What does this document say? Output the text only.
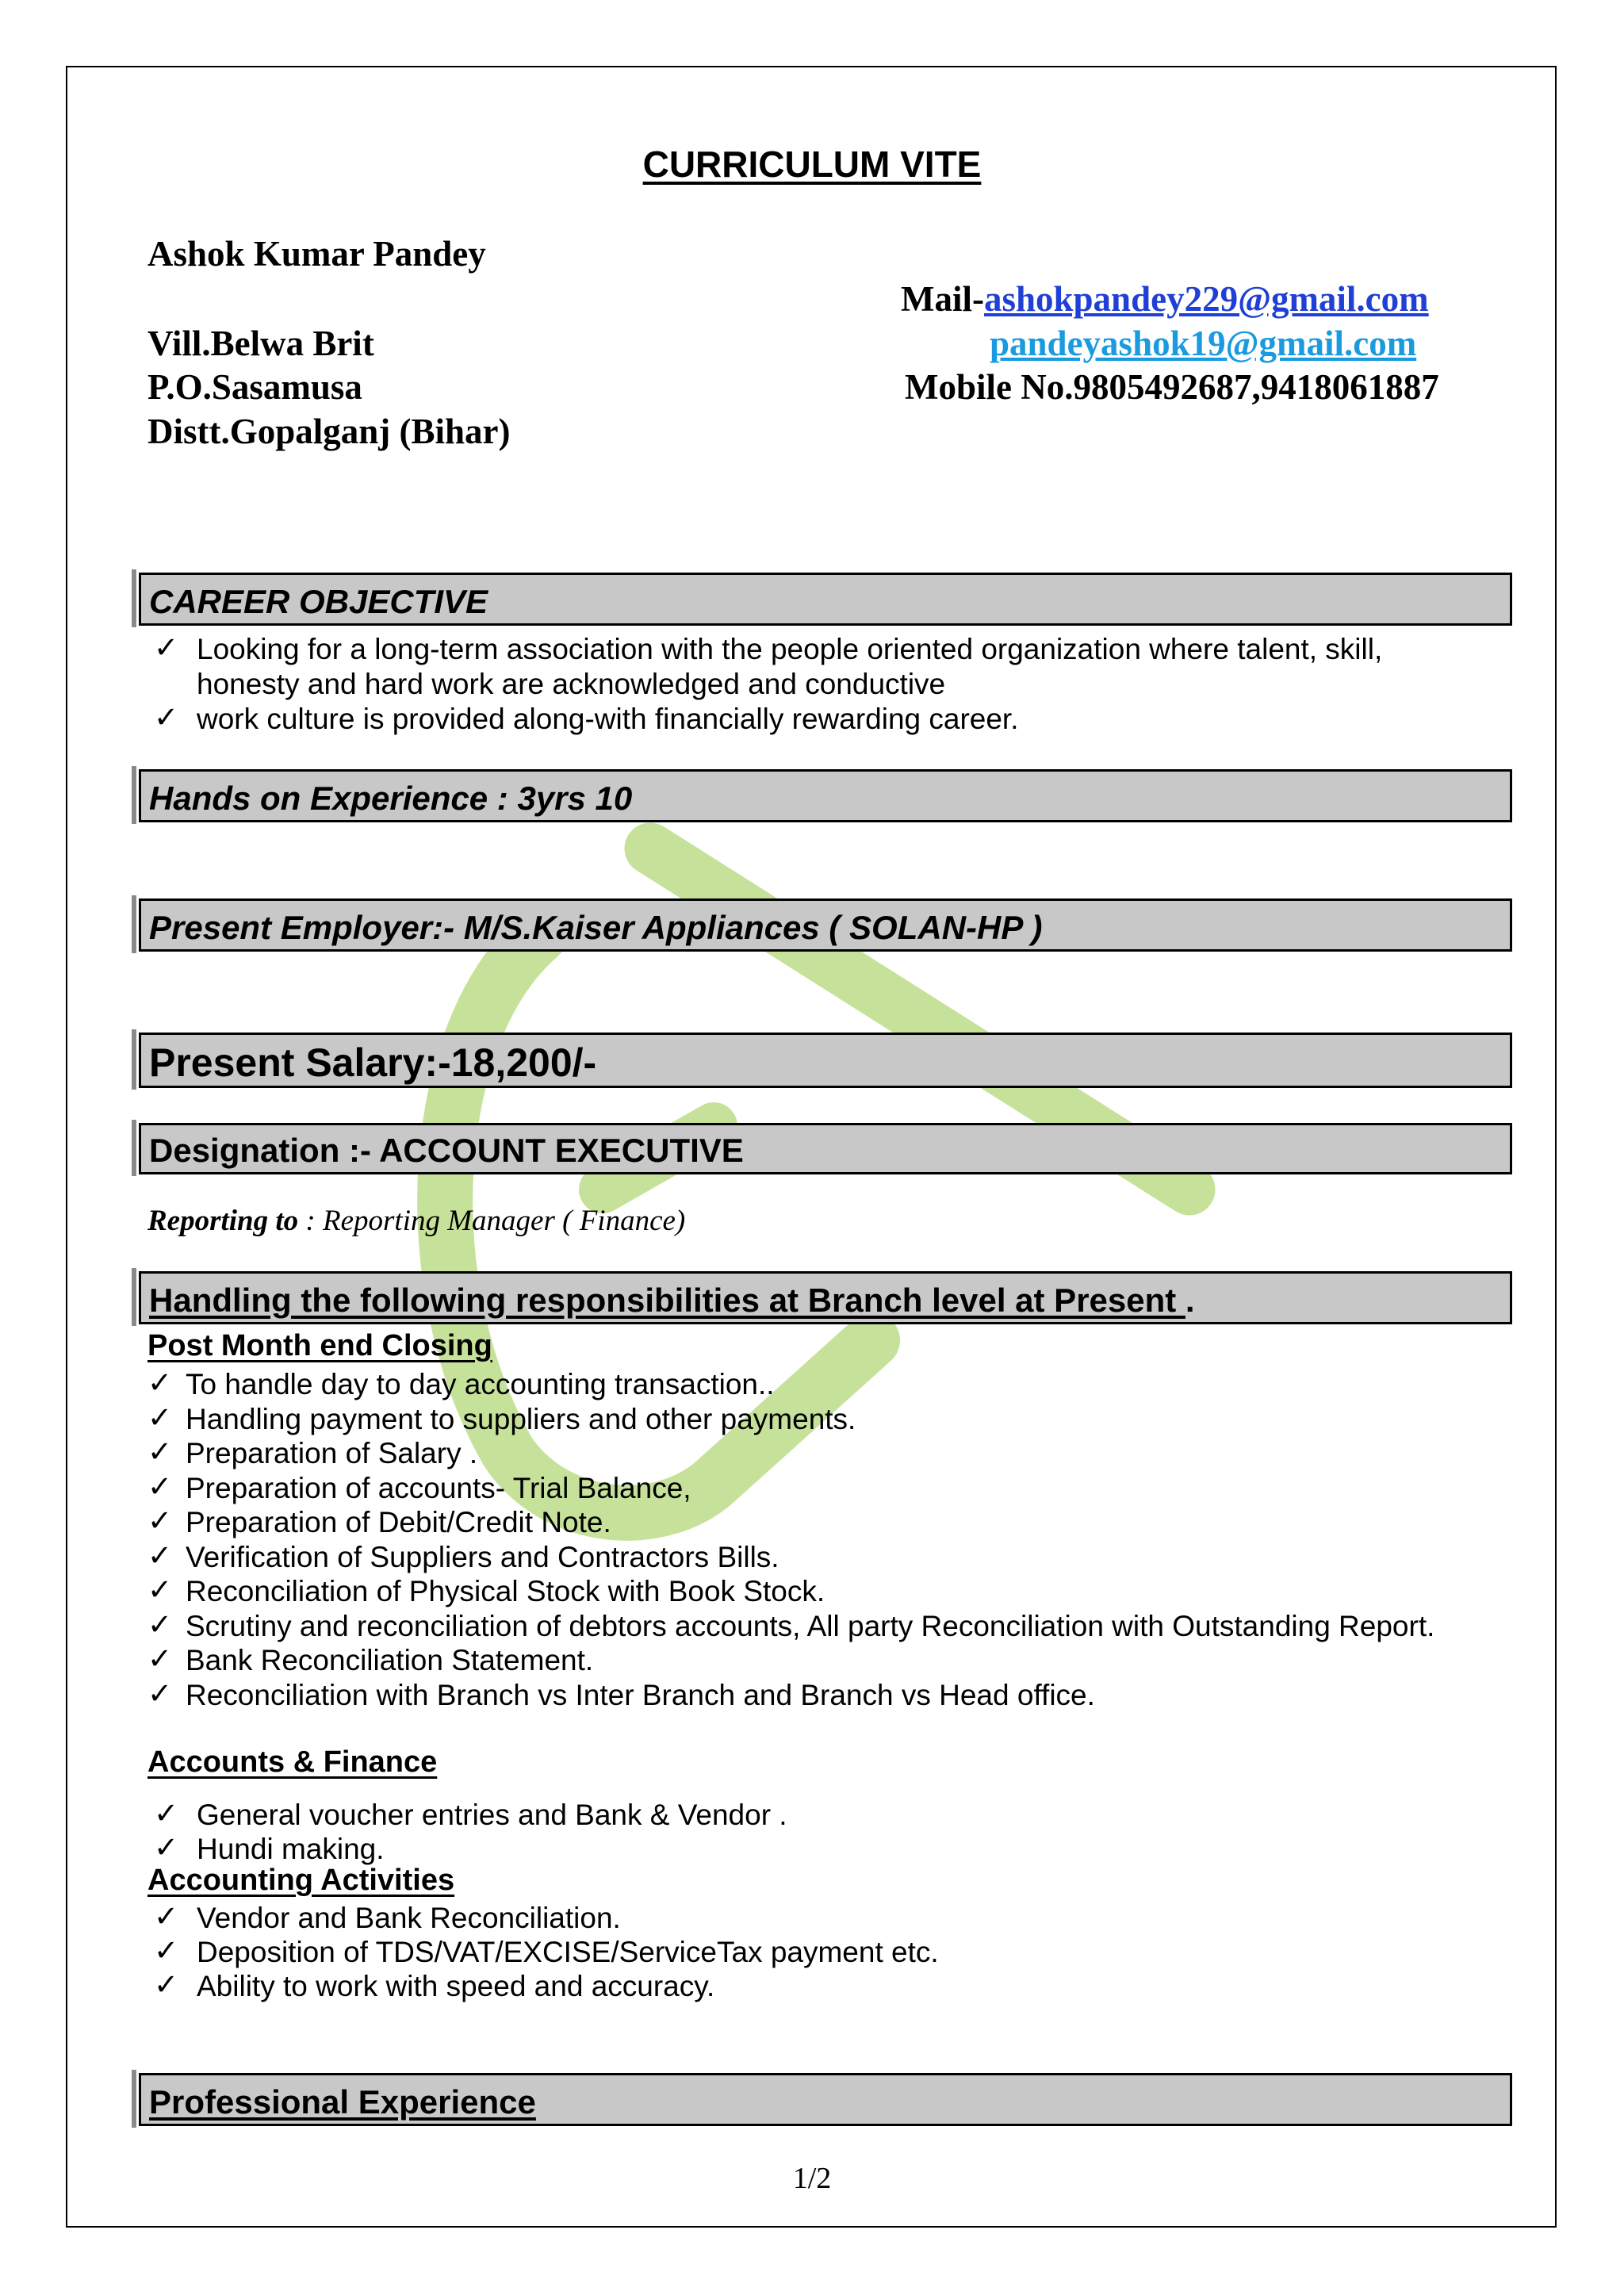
CURRICULUM VITE
Ashok Kumar Pandey
Vill.Belwa Brit
P.O.Sasamusa
Distt.Gopalganj (Bihar)
Mail-ashokpandey229@gmail.com
pandeyashok19@gmail.com
Mobile No.9805492687,9418061887
CAREER OBJECTIVE
✓ Looking for a long-term association with the people oriented organization where talent, skill,
honesty and hard work are acknowledged and conductive
✓ work culture is provided along-with financially rewarding career.
Hands on Experience : 3yrs 10
Present Employer:- M/S.Kaiser Appliances ( SOLAN-HP )
Present Salary:-18,200/-
Designation :- ACCOUNT EXECUTIVE
Reporting to : Reporting Manager ( Finance)
Handling the following responsibilities at Branch level at Present .
Post Month end Closing
✓ To handle day to day accounting transaction..
✓ Handling payment to suppliers and other payments.
✓ Preparation of Salary .
✓ Preparation of accounts- Trial Balance,
✓ Preparation of Debit/Credit Note.
✓ Verification of Suppliers and Contractors Bills.
✓ Reconciliation of Physical Stock with Book Stock.
✓ Scrutiny and reconciliation of debtors accounts, All party Reconciliation with Outstanding Report.
✓ Bank Reconciliation Statement.
✓ Reconciliation with Branch vs Inter Branch and Branch vs Head office.
Accounts & Finance
✓ General voucher entries and Bank & Vendor .
✓ Hundi making.
Accounting Activities
✓ Vendor and Bank Reconciliation.
✓ Deposition of TDS/VAT/EXCISE/ServiceTax payment etc.
✓ Ability to work with speed and accuracy.
Professional Experience
1/2
